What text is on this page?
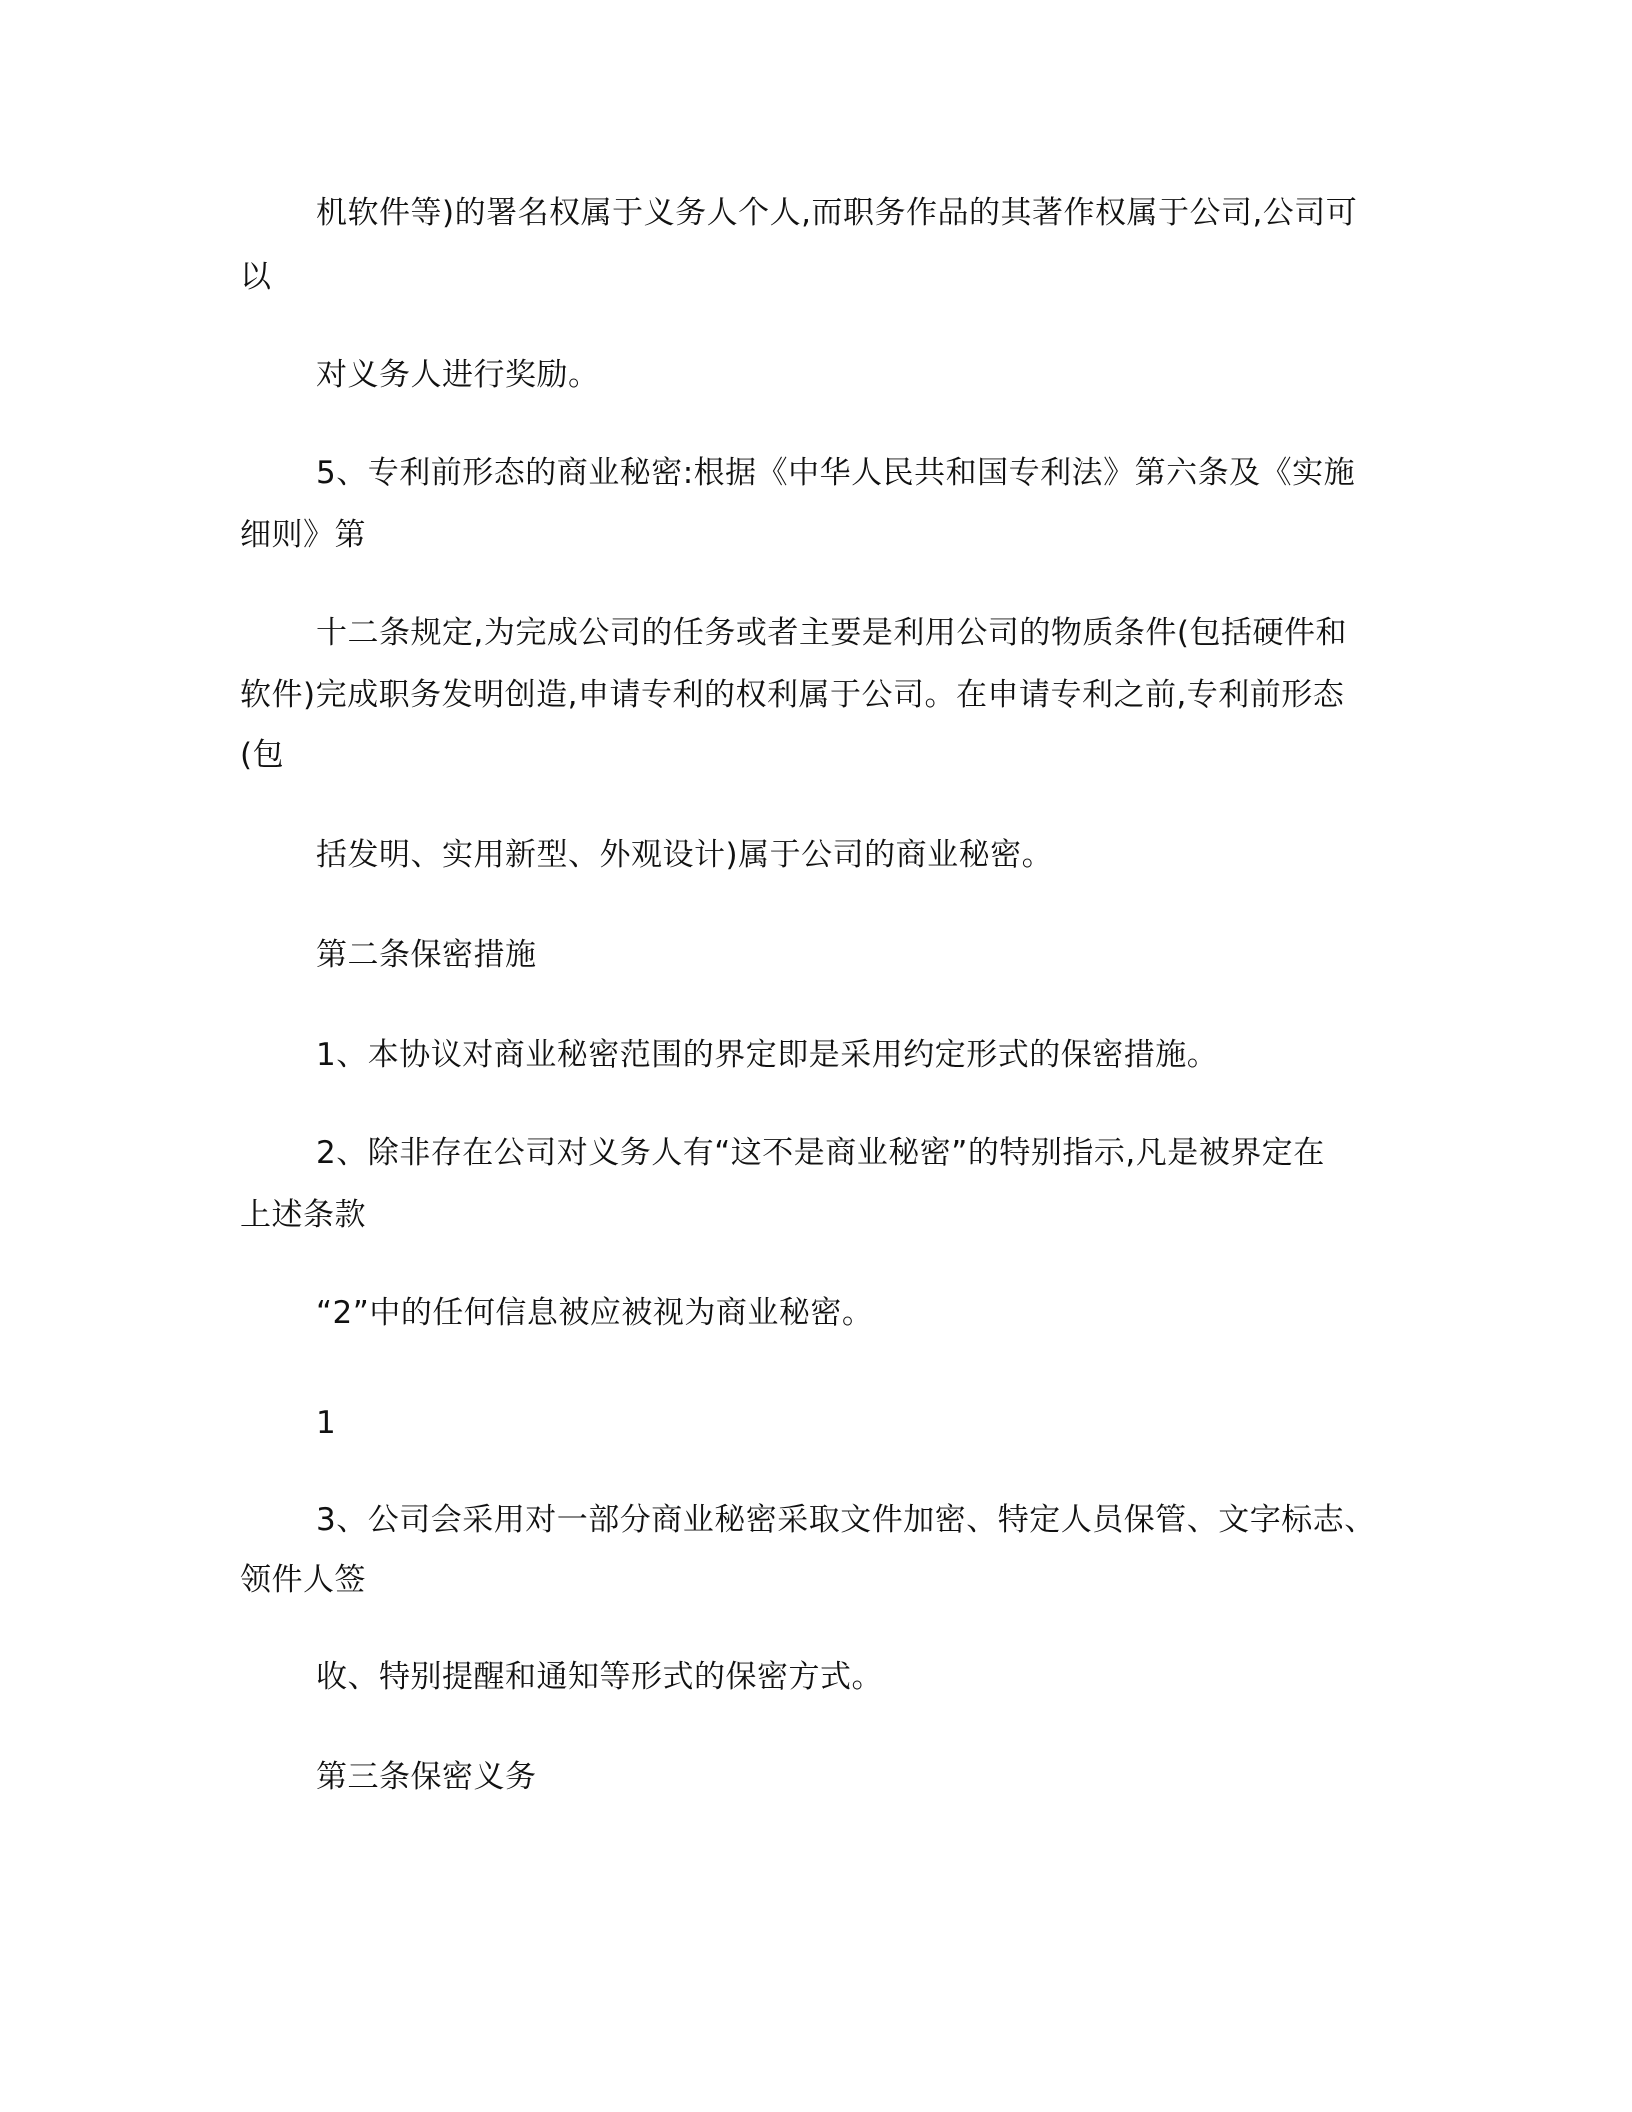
机软件等)的署名权属于义务人个人,而职务作品的其著作权属于公司,公司可
以
对义务人进行奖励。
5、专利前形态的商业秘密:根据《中华人民共和国专利法》第六条及《实施
细则》第
十二条规定,为完成公司的任务或者主要是利用公司的物质条件(包括硬件和
软件)完成职务发明创造,申请专利的权利属于公司。在申请专利之前,专利前形态
(包
括发明、实用新型、外观设计)属于公司的商业秘密。
第二条保密措施
1、本协议对商业秘密范围的界定即是采用约定形式的保密措施。
2、除非存在公司对义务人有“这不是商业秘密”的特别指示,凡是被界定在
上述条款
“2”中的任何信息被应被视为商业秘密。
1
3、公司会采用对一部分商业秘密采取文件加密、特定人员保管、文字标志、
领件人签
收、特别提醒和通知等形式的保密方式。
第三条保密义务
